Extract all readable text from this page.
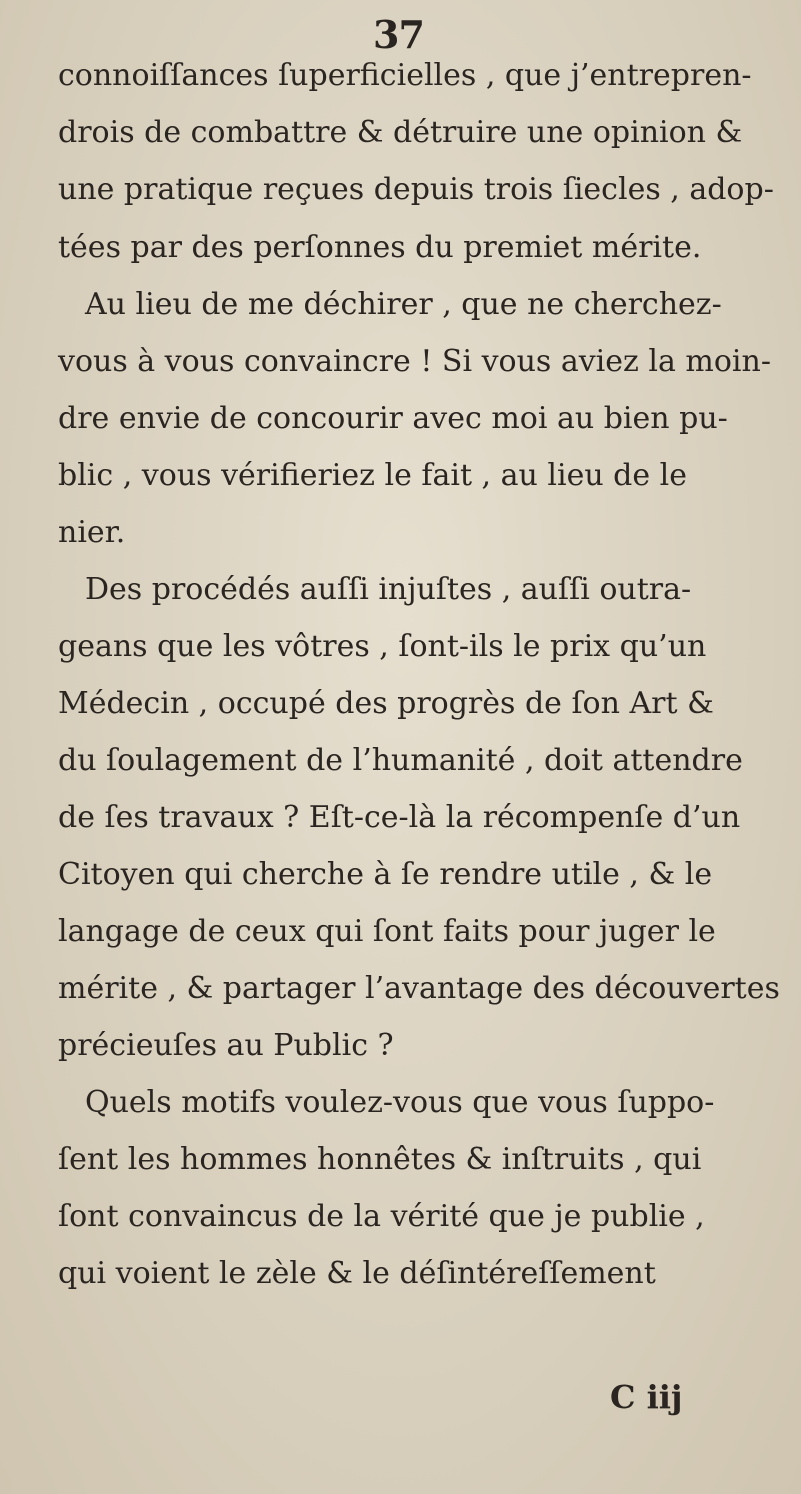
37
connoiſſances ſuperficielles , que j’entrepren-
drois de combattre & détruire une opinion &
une pratique reçues depuis trois ſiecles , adop-
tées par des perſonnes du premiet mérite.
Au lieu de me déchirer , que ne cherchez-
vous à vous convaincre ! Si vous aviez la moin-
dre envie de concourir avec moi au bien pu-
blic , vous vérifieriez le fait , au lieu de le
nier.
Des procédés auſſi injuſtes , auſſi outra-
geans que les vôtres , ſont-ils le prix qu’un
Médecin , occupé des progrès de ſon Art &
du ſoulagement de l’humanité , doit attendre
de ſes travaux ? Eſt-ce-là la récompenſe d’un
Citoyen qui cherche à ſe rendre utile , & le
langage de ceux qui ſont faits pour juger le
mérite , & partager l’avantage des découvertes
précieuſes au Public ?
Quels motifs voulez-vous que vous ſuppo-
ſent les hommes honnêtes & inſtruits , qui
ſont convaincus de la vérité que je publie ,
qui voient le zèle & le déſintéreſſement
C iij
